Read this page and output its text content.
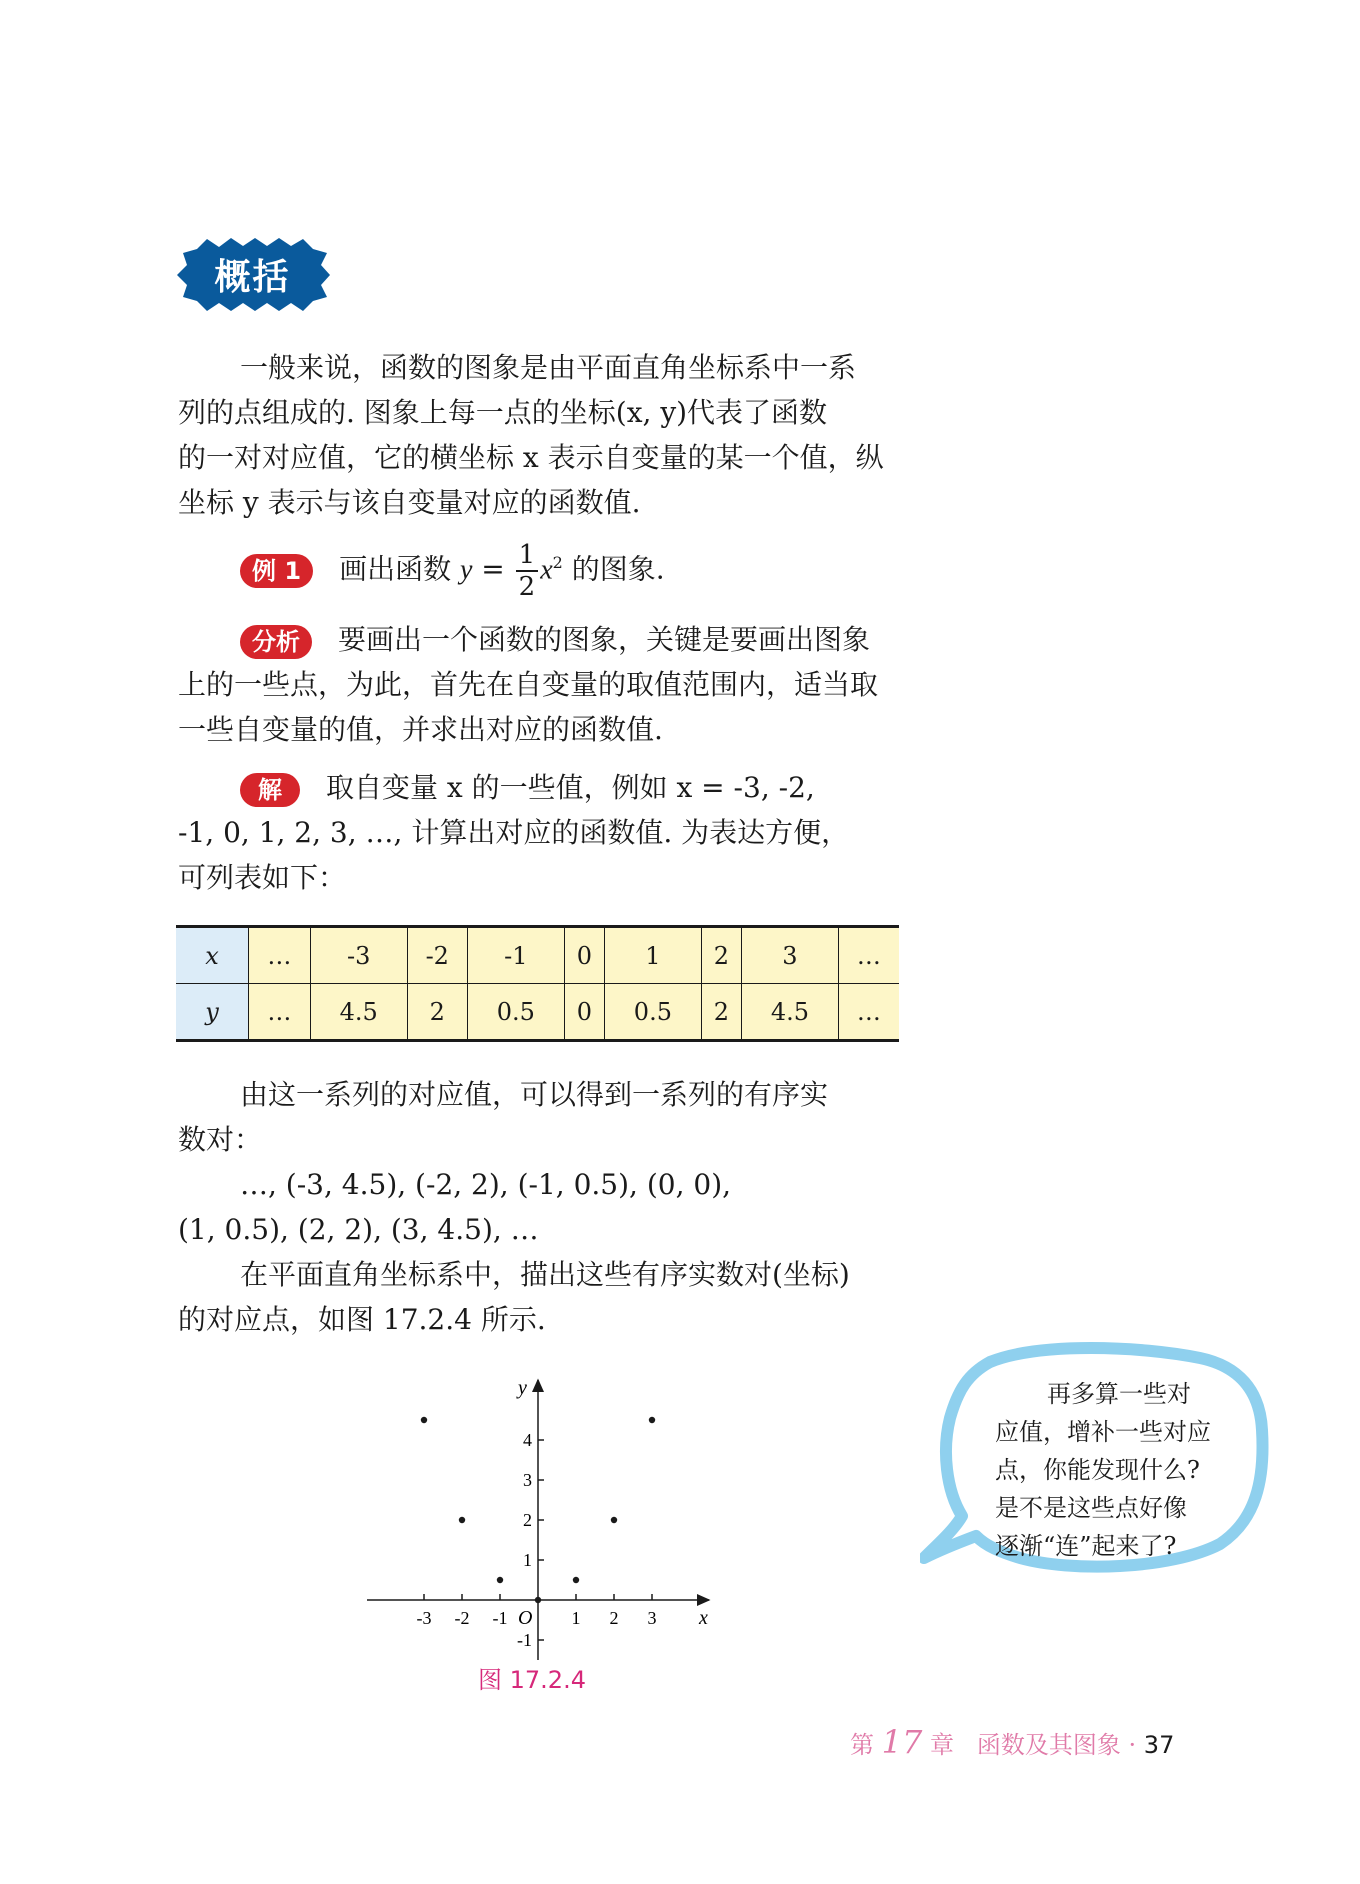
概括

一般来说，函数的图象是由平面直角坐标系中一系
列的点组成的. 图象上每一点的坐标(x, y)代表了函数
的一对对应值，它的横坐标 x 表示自变量的某一个值，纵
坐标 y 表示与该自变量对应的函数值.

例 1 画出函数 $y = \frac{1}{2} x^2$ 的图象.

分析 要画出一个函数的图象，关键是要画出图象
上的一些点，为此，首先在自变量的取值范围内，适当取
一些自变量的值，并求出对应的函数值.

解 取自变量 x 的一些值，例如 x = -3, -2,
-1, 0, 1, 2, 3, …, 计算出对应的函数值. 为表达方便，
可列表如下：

x	…	-3	-2	-1	0	1	2	3	…
y	…	4.5	2	0.5	0	0.5	2	4.5	…

由这一系列的对应值，可以得到一系列的有序实
数对：
…, (-3, 4.5), (-2, 2), (-1, 0.5), (0, 0),
(1, 0.5), (2, 2), (3, 4.5), …
在平面直角坐标系中，描出这些有序实数对(坐标)
的对应点，如图 17.2.4 所示.

-3 -2 -1	1 2 3
-1
1
2
3
4
x
y
O
图 17.2.4
再多算一些对
应值，增补一些对应
点，你能发现什么?
是不是这些点好像
逐渐“连”起来了?
第 17 章 函数及其图象 · 37
